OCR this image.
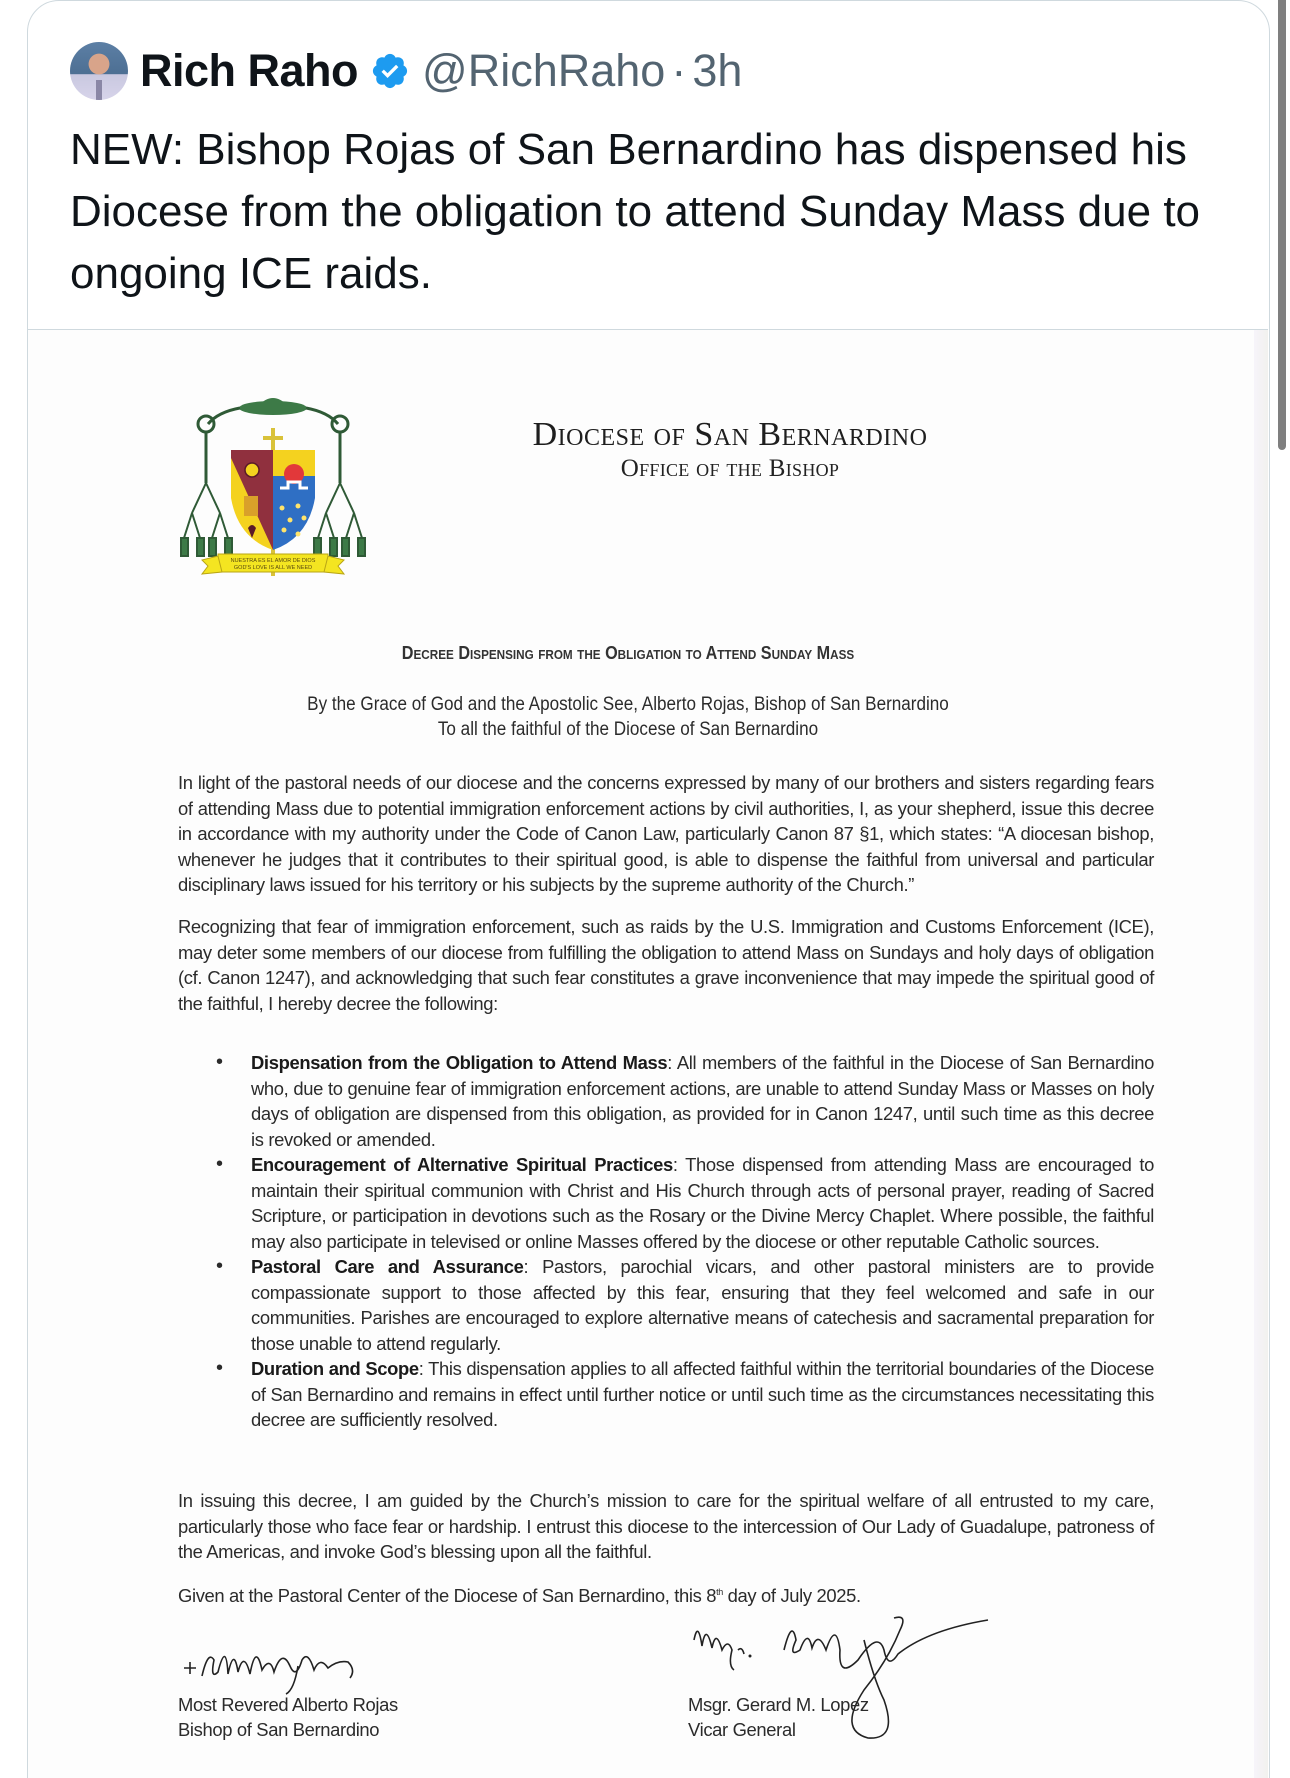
Rich Raho @RichRaho · 3h
NEW: Bishop Rojas of San Bernardino has dispensed his Diocese from the obligation to attend Sunday Mass due to ongoing ICE raids.
NUESTRA ES EL AMOR DE DIOS
GOD'S LOVE IS ALL WE NEED
Diocese of San Bernardino
Office of the Bishop
Decree Dispensing from the Obligation to Attend Sunday Mass
By the Grace of God and the Apostolic See, Alberto Rojas, Bishop of San Bernardino
To all the faithful of the Diocese of San Bernardino

In light of the pastoral needs of our diocese and the concerns expressed by many of our brothers and sisters regarding fears of attending Mass due to potential immigration enforcement actions by civil authorities, I, as your shepherd, issue this decree in accordance with my authority under the Code of Canon Law, particularly Canon 87 §1, which states: “A diocesan bishop, whenever he judges that it contributes to their spiritual good, is able to dispense the faithful from universal and particular disciplinary laws issued for his territory or his subjects by the supreme authority of the Church.”

Recognizing that fear of immigration enforcement, such as raids by the U.S. Immigration and Customs Enforcement (ICE), may deter some members of our diocese from fulfilling the obligation to attend Mass on Sundays and holy days of obligation (cf. Canon 1247), and acknowledging that such fear constitutes a grave inconvenience that may impede the spiritual good of the faithful, I hereby decree the following:

• Dispensation from the Obligation to Attend Mass: All members of the faithful in the Diocese of San Bernardino who, due to genuine fear of immigration enforcement actions, are unable to attend Sunday Mass or Masses on holy days of obligation are dispensed from this obligation, as provided for in Canon 1247, until such time as this decree is revoked or amended.
• Encouragement of Alternative Spiritual Practices: Those dispensed from attending Mass are encouraged to maintain their spiritual communion with Christ and His Church through acts of personal prayer, reading of Sacred Scripture, or participation in devotions such as the Rosary or the Divine Mercy Chaplet. Where possible, the faithful may also participate in televised or online Masses offered by the diocese or other reputable Catholic sources.
• Pastoral Care and Assurance: Pastors, parochial vicars, and other pastoral ministers are to provide compassionate support to those affected by this fear, ensuring that they feel welcomed and safe in our communities. Parishes are encouraged to explore alternative means of catechesis and sacramental preparation for those unable to attend regularly.
• Duration and Scope: This dispensation applies to all affected faithful within the territorial boundaries of the Diocese of San Bernardino and remains in effect until further notice or until such time as the circumstances necessitating this decree are sufficiently resolved.

In issuing this decree, I am guided by the Church’s mission to care for the spiritual welfare of all entrusted to my care, particularly those who face fear or hardship. I entrust this diocese to the intercession of Our Lady of Guadalupe, patroness of the Americas, and invoke God’s blessing upon all the faithful.

Given at the Pastoral Center of the Diocese of San Bernardino, this 8th day of July 2025.
Most Revered Alberto Rojas
Bishop of San Bernardino
Msgr. Gerard M. Lopez
Vicar General
